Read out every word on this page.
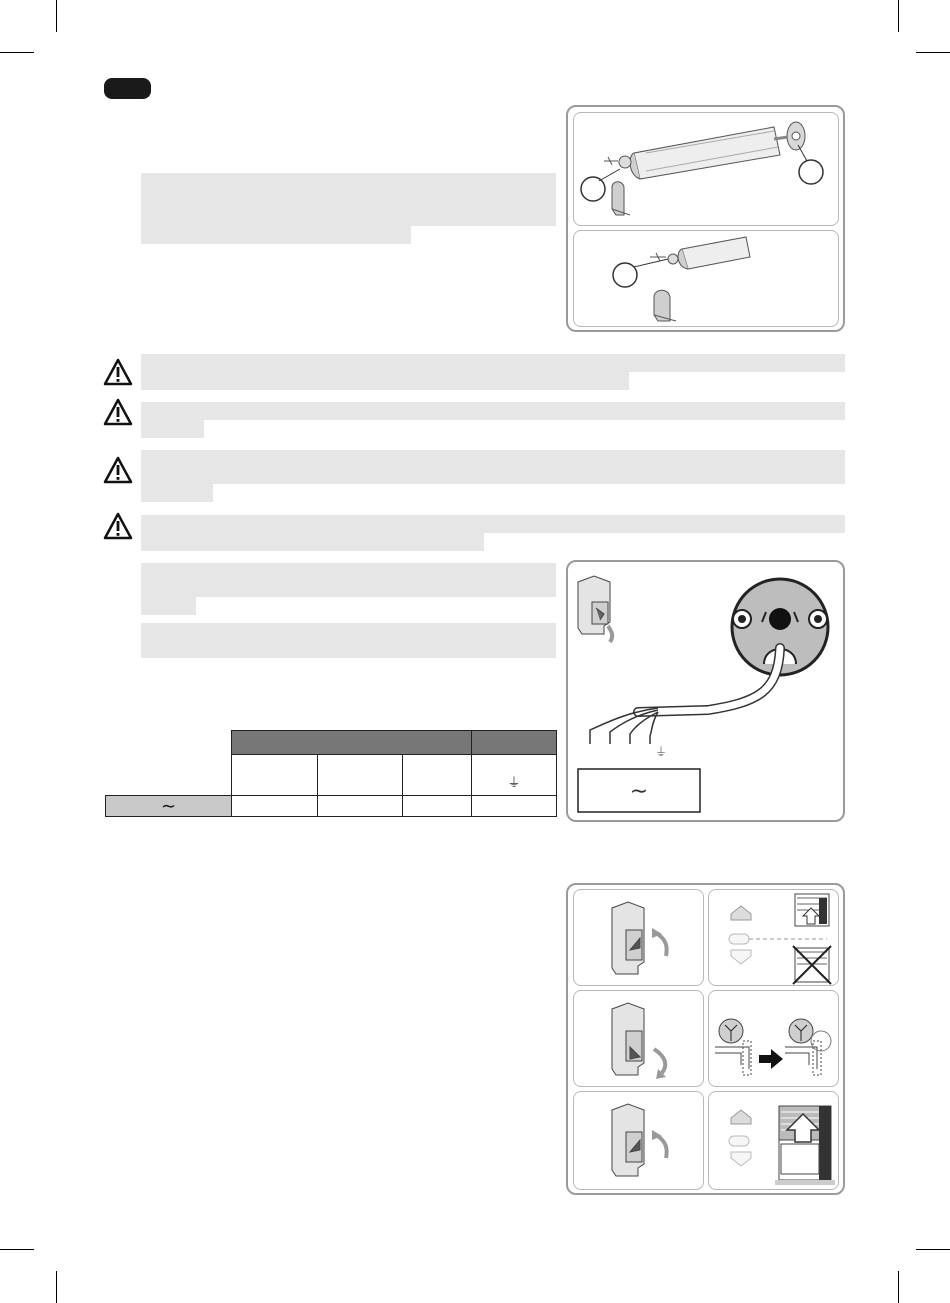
⏚
∼
⏚
∼
